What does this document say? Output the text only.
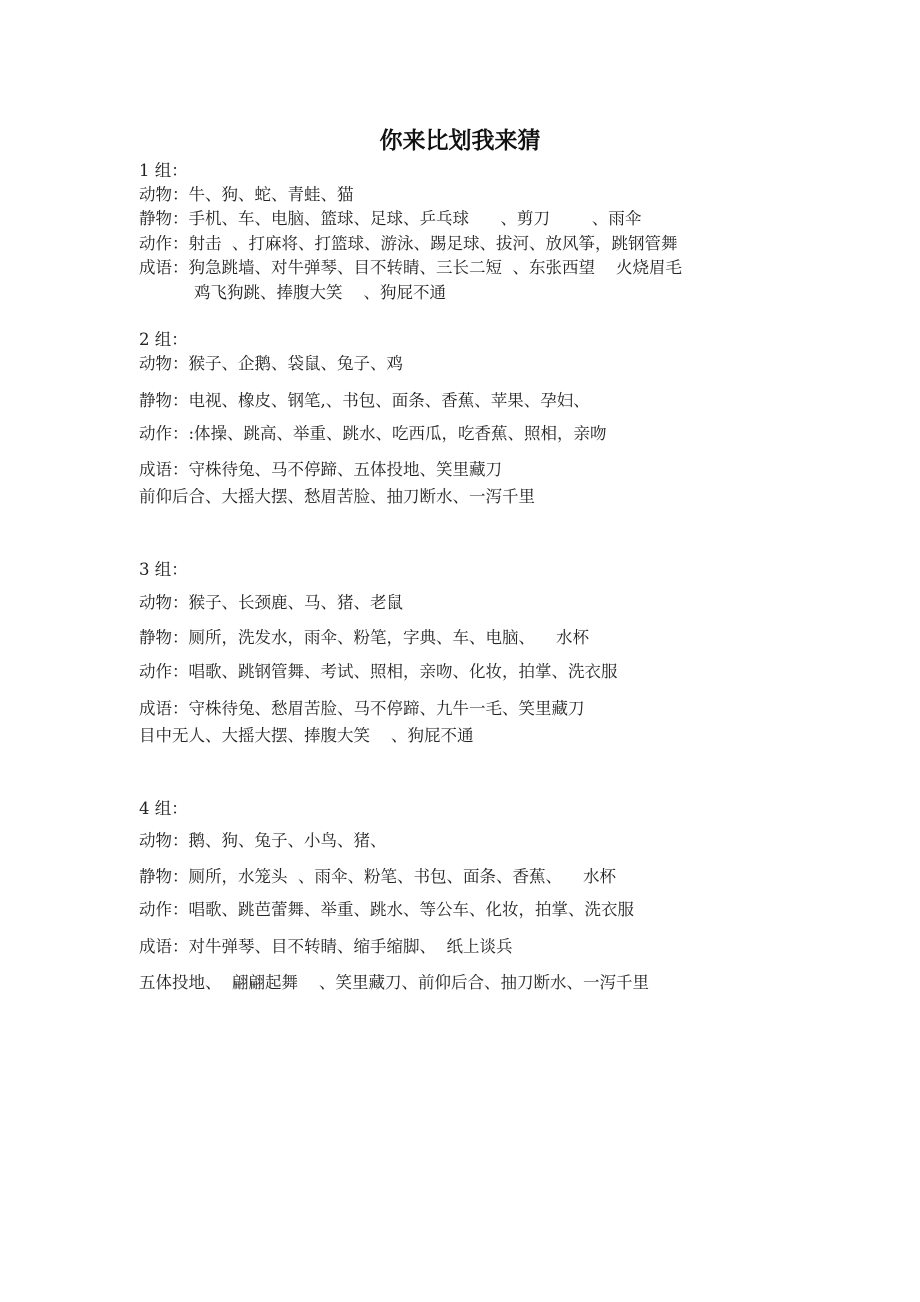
你来比划我来猜
1 组：
动物：牛、狗、蛇、青蛙、猫
静物：手机、车、电脑、篮球、足球、乒乓球      、剪刀        、雨伞
动作：射击  、打麻将、打篮球、游泳、踢足球、拔河、放风筝，跳钢管舞
成语：狗急跳墙、对牛弹琴、目不转睛、三长二短  、东张西望    火烧眉毛
鸡飞狗跳、捧腹大笑    、狗屁不通
2 组：
动物：猴子、企鹅、袋鼠、兔子、鸡
静物：电视、橡皮、钢笔,、书包、面条、香蕉、苹果、孕妇、
动作：:体操、跳高、举重、跳水、吃西瓜，吃香蕉、照相，亲吻
成语：守株待兔、马不停蹄、五体投地、笑里藏刀
前仰后合、大摇大摆、愁眉苦脸、抽刀断水、一泻千里
3 组：
动物：猴子、长颈鹿、马、猪、老鼠
静物：厕所，洗发水，雨伞、粉笔，字典、车、电脑、    水杯
动作：唱歌、跳钢管舞、考试、照相，亲吻、化妆，拍掌、洗衣服
成语：守株待兔、愁眉苦脸、马不停蹄、九牛一毛、笑里藏刀
目中无人、大摇大摆、捧腹大笑    、狗屁不通
4 组：
动物：鹅、狗、兔子、小鸟、猪、
静物：厕所，水笼头  、雨伞、粉笔、书包、面条、香蕉、    水杯
动作：唱歌、跳芭蕾舞、举重、跳水、等公车、化妆，拍掌、洗衣服
成语：对牛弹琴、目不转睛、缩手缩脚、  纸上谈兵
五体投地、  翩翩起舞    、笑里藏刀、前仰后合、抽刀断水、一泻千里
